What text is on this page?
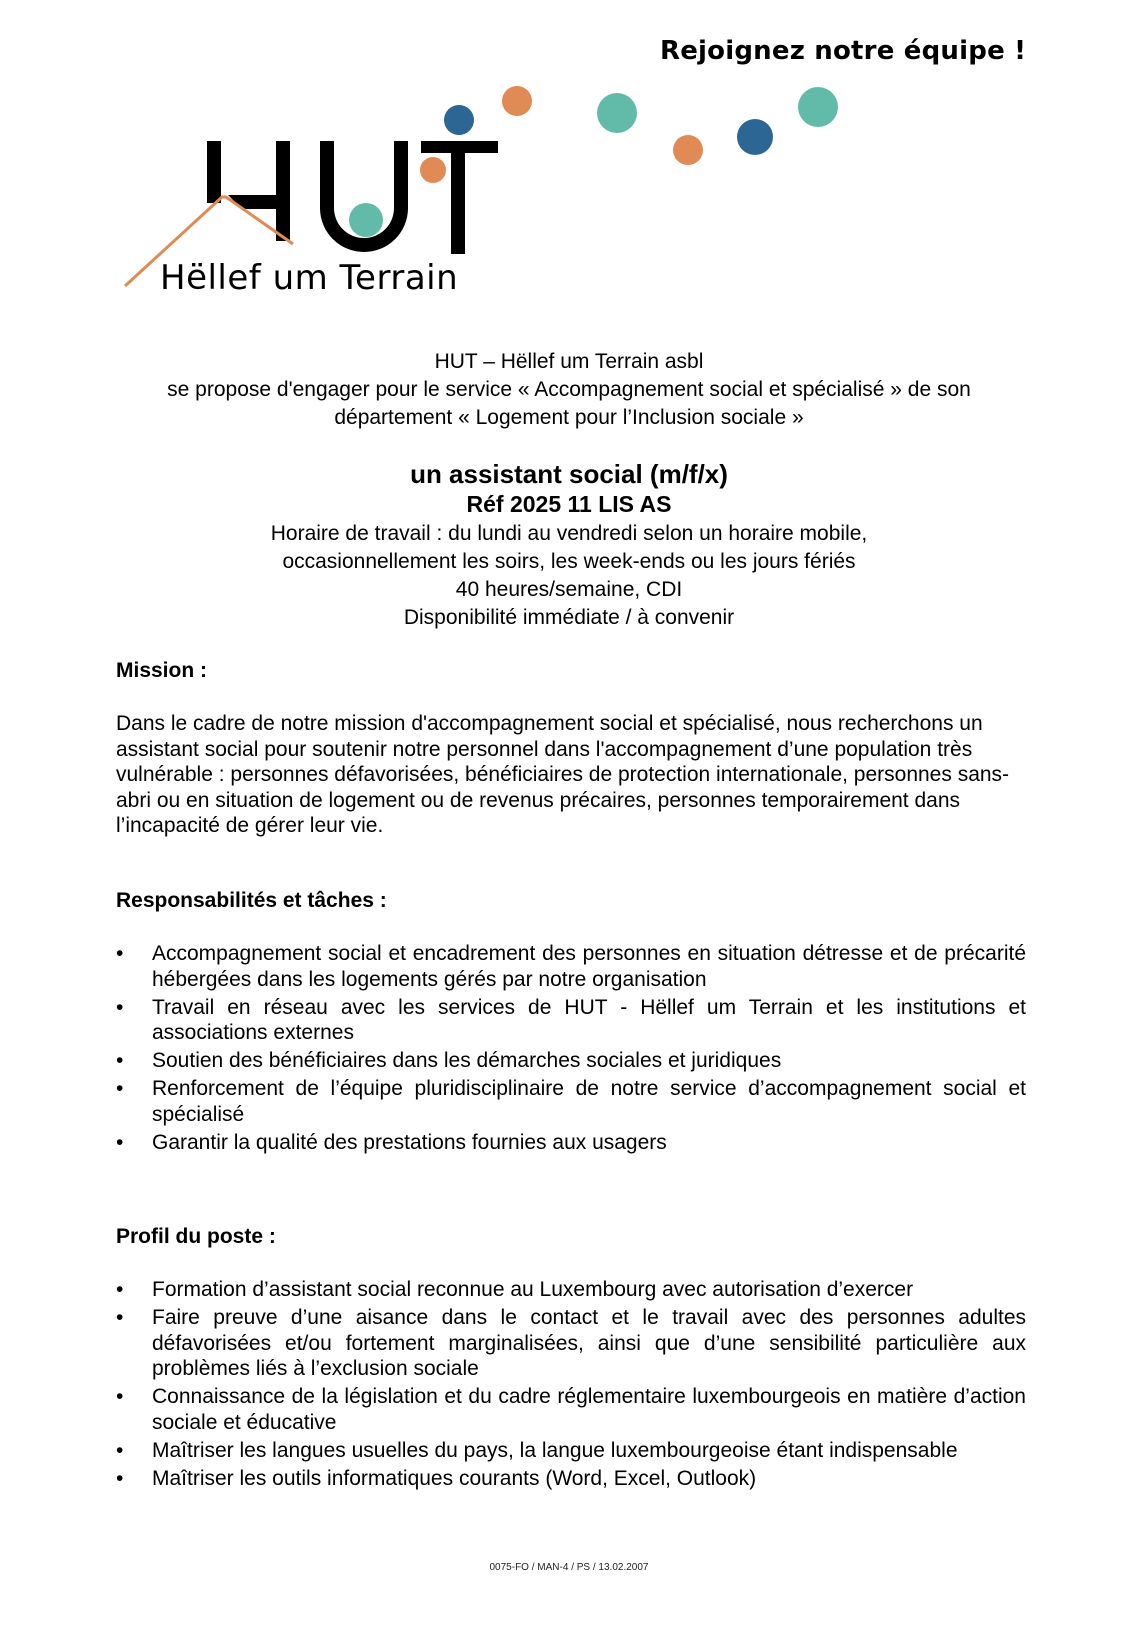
Rejoignez notre équipe !
Hëllef um Terrain
HUT – Hëllef um Terrain asbl
se propose d'engager pour le service « Accompagnement social et spécialisé » de son
département « Logement pour l’Inclusion sociale »
un assistant social (m/f/x)
Réf 2025 11 LIS AS
Horaire de travail : du lundi au vendredi selon un horaire mobile,
occasionnellement les soirs, les week-ends ou les jours fériés
40 heures/semaine, CDI
Disponibilité immédiate / à convenir
Mission :
Dans le cadre de notre mission d'accompagnement social et spécialisé, nous recherchons un assistant social pour soutenir notre personnel dans l'accompagnement d’une population très vulnérable : personnes défavorisées, bénéficiaires de protection internationale, personnes sans-abri ou en situation de logement ou de revenus précaires, personnes temporairement dans l’incapacité de gérer leur vie.
Responsabilités et tâches :
•	Accompagnement social et encadrement des personnes en situation détresse et de précarité hébergées dans les logements gérés par notre organisation
•	Travail en réseau avec les services de HUT - Hëllef um Terrain et les institutions et associations externes
•	Soutien des bénéficiaires dans les démarches sociales et juridiques
•	Renforcement de l’équipe pluridisciplinaire de notre service d’accompagnement social et spécialisé
•	Garantir la qualité des prestations fournies aux usagers
Profil du poste :
•	Formation d’assistant social reconnue au Luxembourg avec autorisation d’exercer
•	Faire preuve d’une aisance dans le contact et le travail avec des personnes adultes défavorisées et/ou fortement marginalisées, ainsi que d’une sensibilité particulière aux problèmes liés à l’exclusion sociale
•	Connaissance de la législation et du cadre réglementaire luxembourgeois en matière d’action sociale et éducative
•	Maîtriser les langues usuelles du pays, la langue luxembourgeoise étant indispensable
•	Maîtriser les outils informatiques courants (Word, Excel, Outlook)
0075-FO / MAN-4 / PS / 13.02.2007
